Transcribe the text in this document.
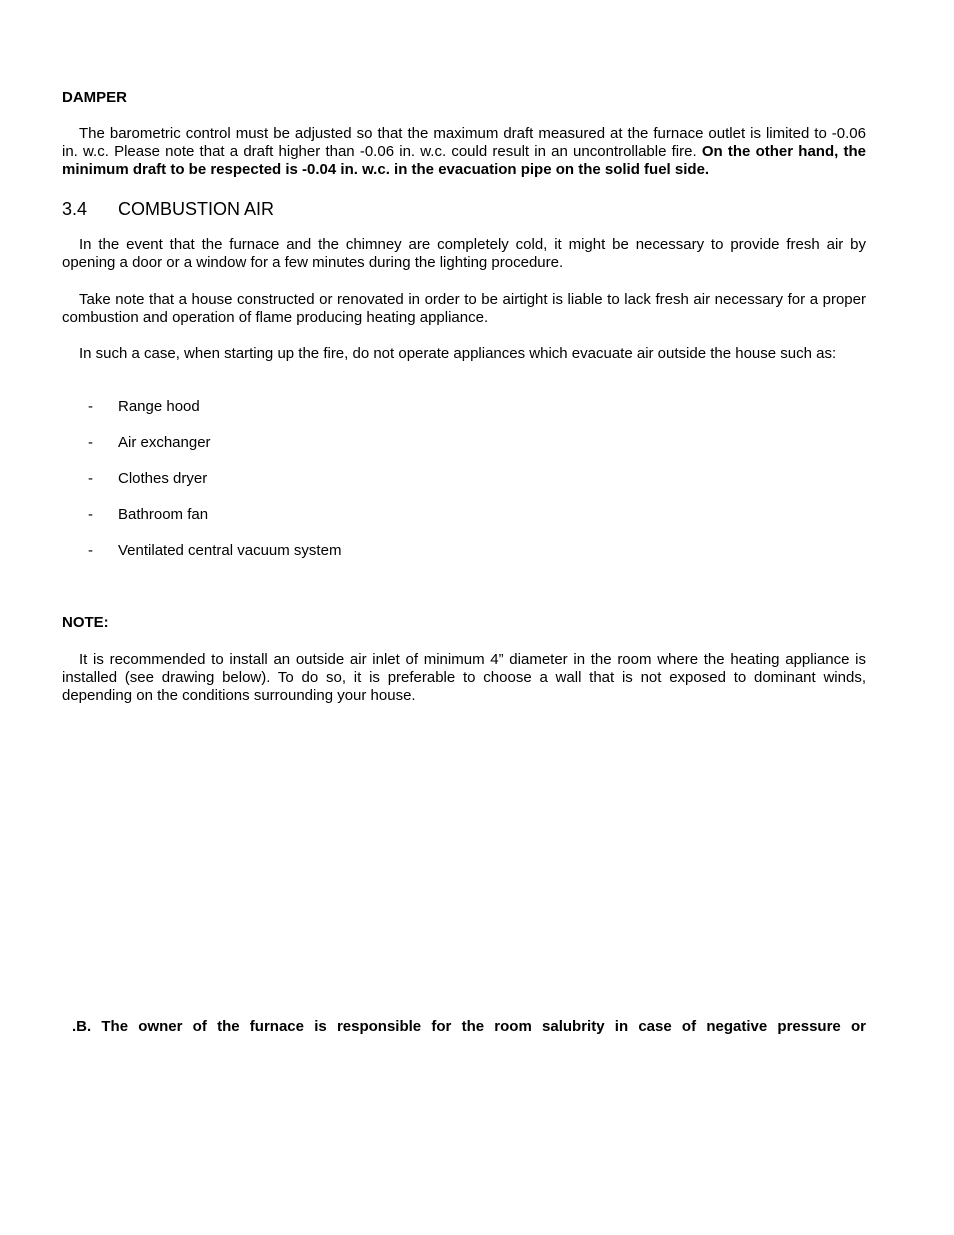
DAMPER
The barometric control must be adjusted so that the maximum draft measured at the furnace outlet is limited to -0.06 in. w.c. Please note that a draft higher than -0.06 in. w.c. could result in an uncontrollable fire. On the other hand, the minimum draft to be respected is -0.04 in. w.c. in the evacuation pipe on the solid fuel side.
3.4 COMBUSTION AIR
In the event that the furnace and the chimney are completely cold, it might be necessary to provide fresh air by opening a door or a window for a few minutes during the lighting procedure.
Take note that a house constructed or renovated in order to be airtight is liable to lack fresh air necessary for a proper combustion and operation of flame producing heating appliance.
In such a case, when starting up the fire, do not operate appliances which evacuate air outside the house such as:
- Range hood
- Air exchanger
- Clothes dryer
- Bathroom fan
- Ventilated central vacuum system
NOTE:
It is recommended to install an outside air inlet of minimum 4” diameter in the room where the heating appliance is installed (see drawing below). To do so, it is preferable to choose a wall that is not exposed to dominant winds, depending on the conditions surrounding your house.
.B. The owner of the furnace is responsible for the room salubrity in case of negative pressure or
